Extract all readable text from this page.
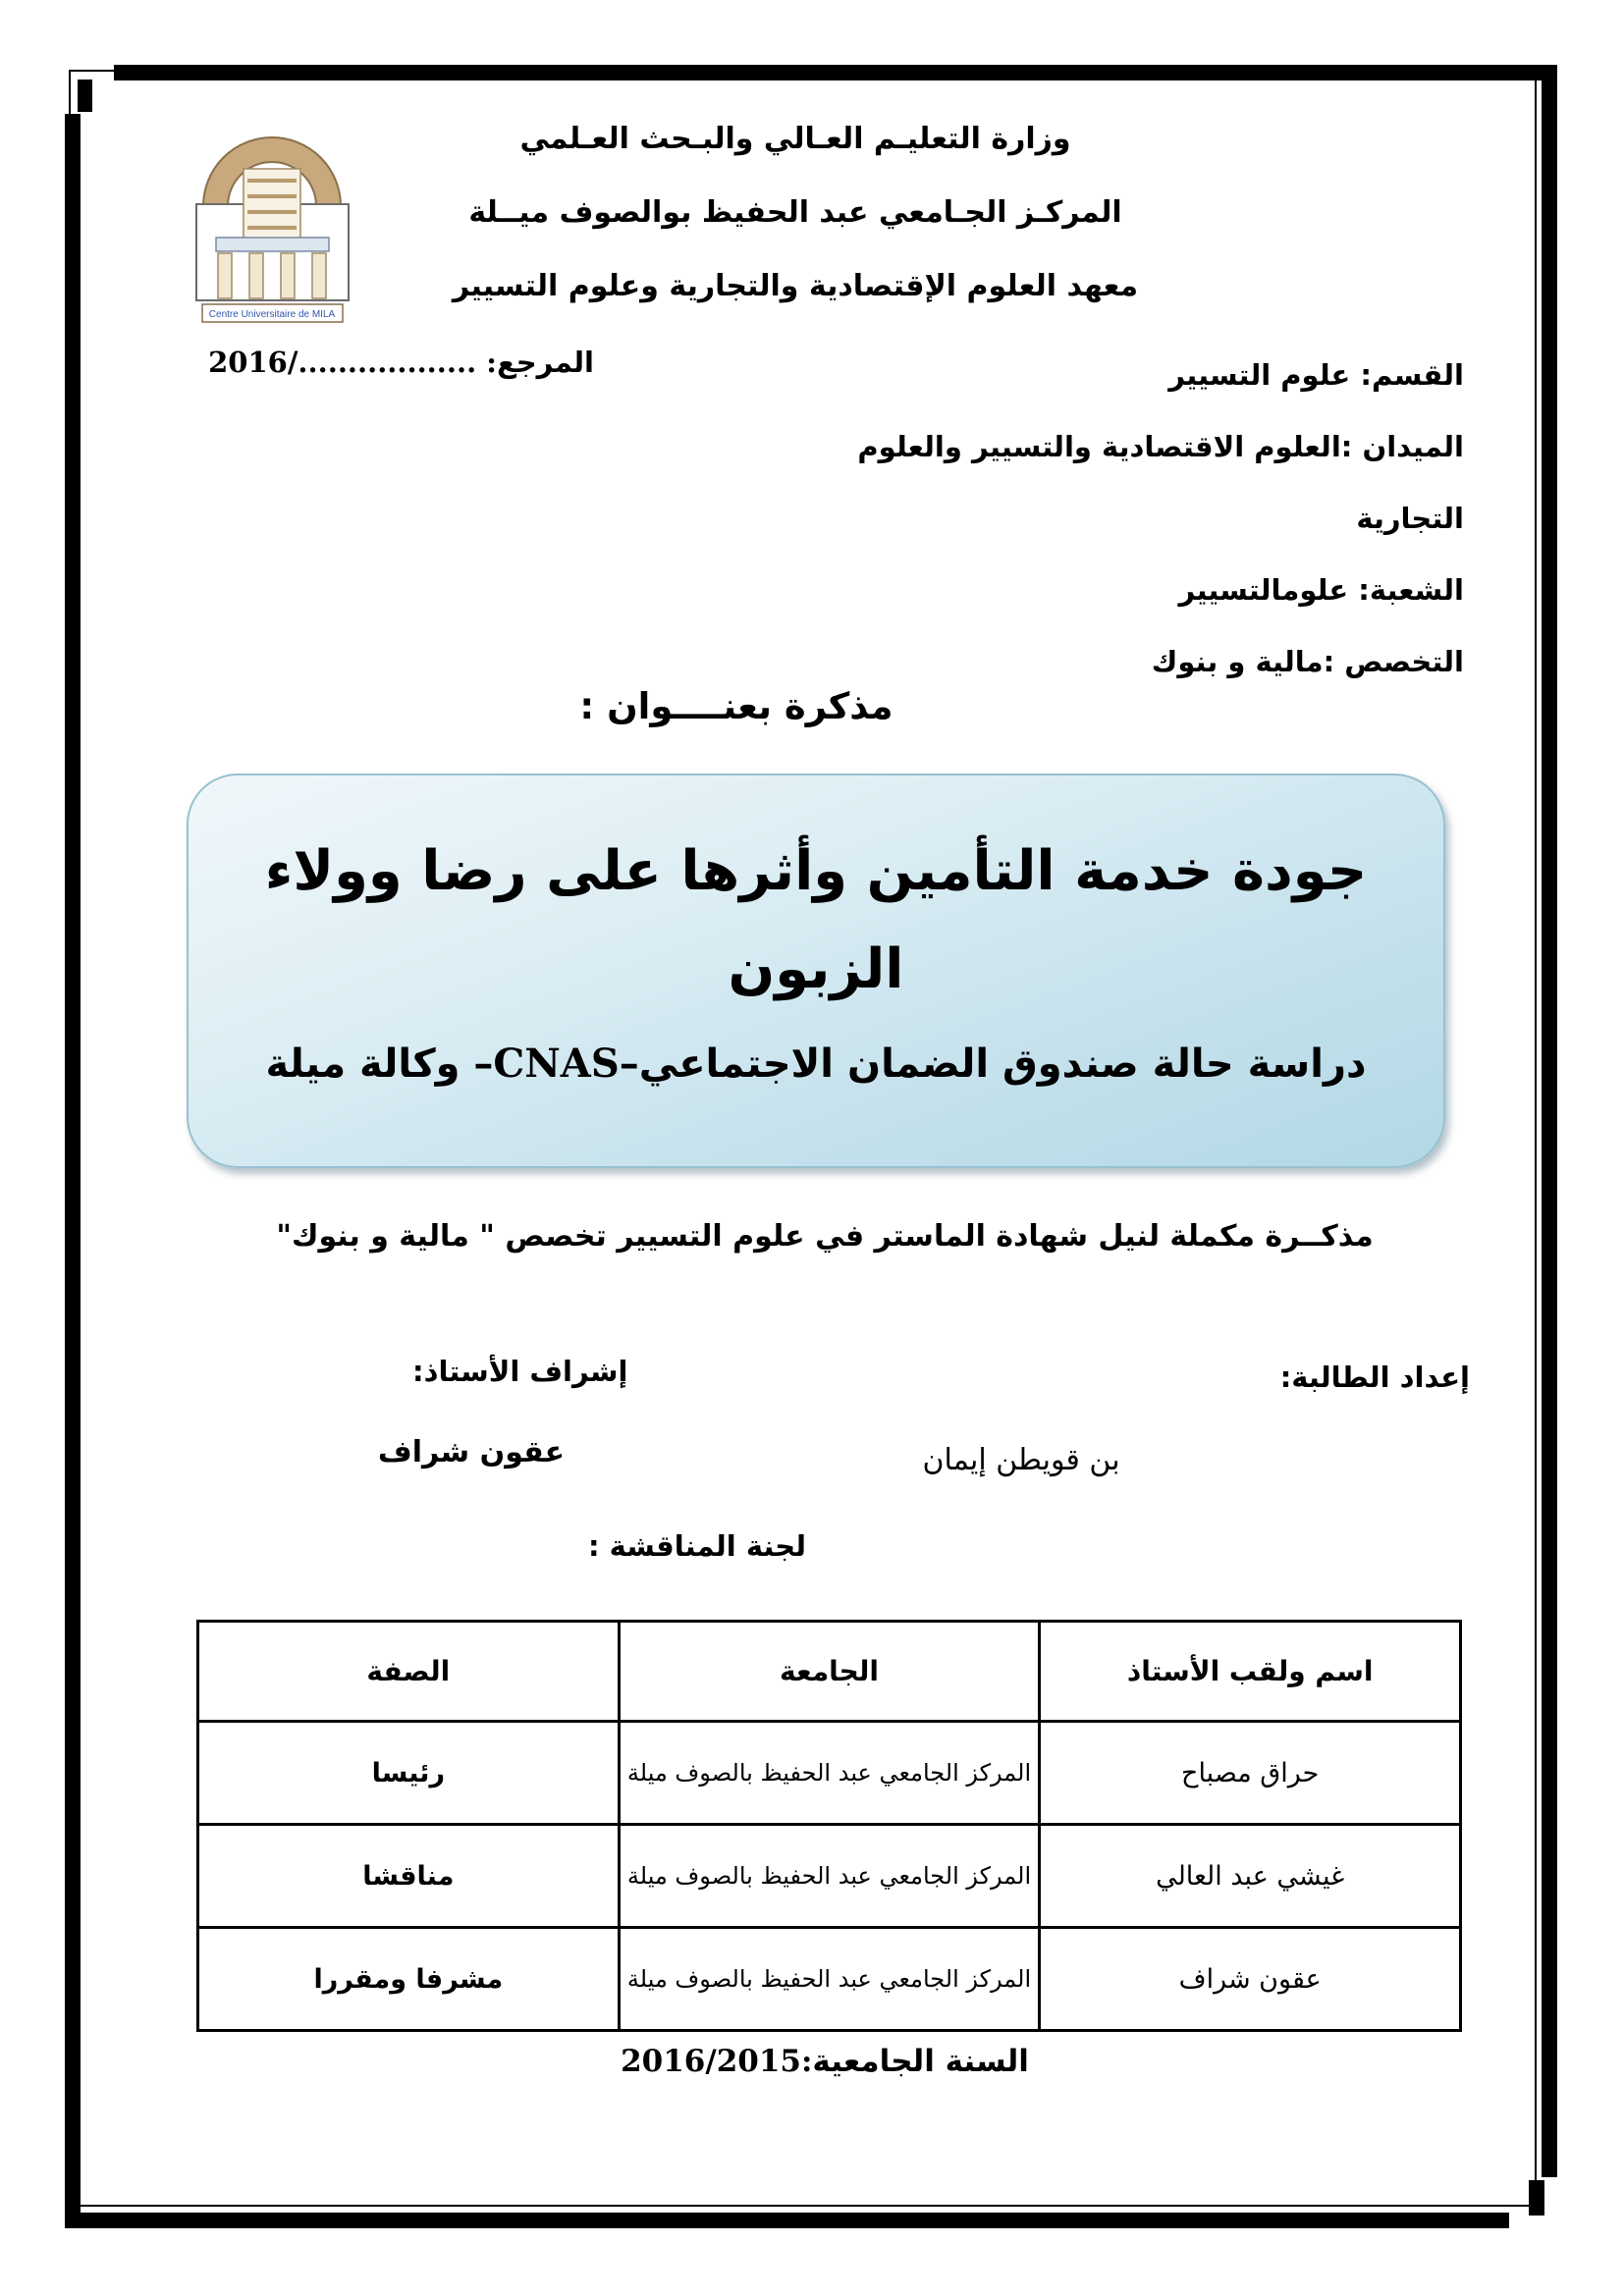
Centre Universitaire de MILA
وزارة التعليـم العـالي والبـحث العـلمي
المركـز الجـامعي عبد الحفيظ بوالصوف ميــلة
معهد العلوم الإقتصادية والتجارية وعلوم التسيير
المرجع: ................../2016	القسم: علوم التسيير
الميدان :العلوم الاقتصادية والتسيير والعلوم التجارية
الشعبة: علومالتسيير
التخصص :مالية و بنوك
مذكرة بعنــــوان :
جودة خدمة التأمين وأثرها على رضا وولاء
الزبون
دراسة حالة صندوق الضمان الاجتماعي–CNAS– وكالة ميلة
مذكــرة مكملة لنيل شهادة الماستر في علوم التسيير تخصص " مالية و بنوك"
إعداد الطالبة:
إشراف الأستاذ:
بن قويطن إيمان
عقون شراف
لجنة المناقشة :
اسم ولقب الأستاذ	الجامعة	الصفة
حراق مصباح	المركز الجامعي عبد الحفيظ بالصوف ميلة	رئيسا
غيشي عبد العالي	المركز الجامعي عبد الحفيظ بالصوف ميلة	مناقشا
عقون شراف	المركز الجامعي عبد الحفيظ بالصوف ميلة	مشرفا ومقررا
السنة الجامعية:2016/2015
